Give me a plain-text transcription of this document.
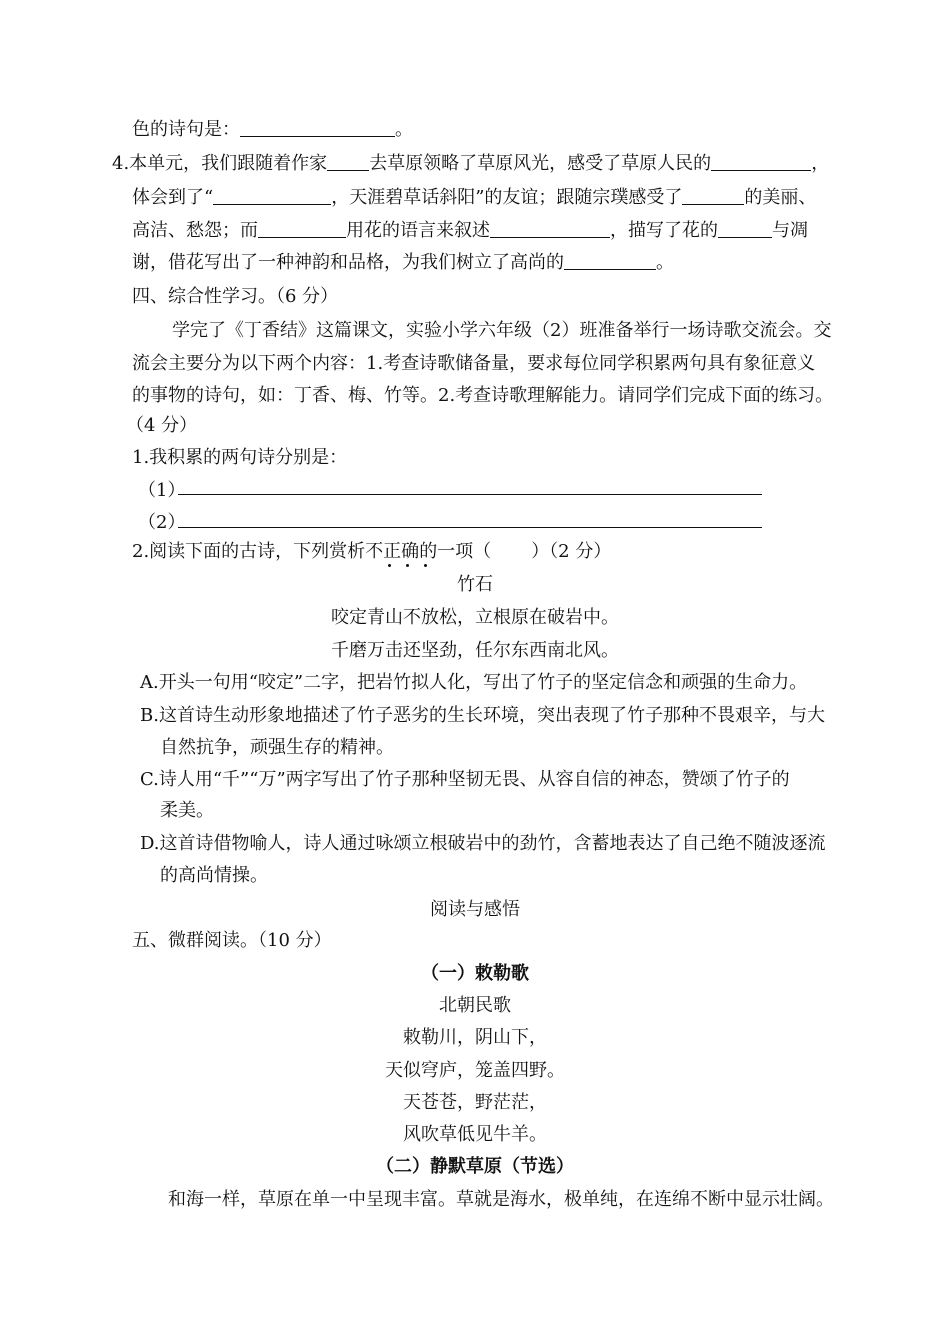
色的诗句是：	。
4.本单元，我们跟随着作家 去草原领略了草原风光，感受了草原人民的	，
体会到了“	，天涯碧草话斜阳”的友谊；跟随宗璞感受了	的美丽、
高洁、愁怨；而	用花的语言来叙述	，描写了花的	与凋
谢，借花写出了一种神韵和品格，为我们树立了高尚的	。
四、综合性学习。（6 分）
学完了《丁香结》这篇课文，实验小学六年级（2）班准备举行一场诗歌交流会。交
流会主要分为以下两个内容：1.考查诗歌储备量，要求每位同学积累两句具有象征意义
的事物的诗句，如：丁香、梅、竹等。2.考查诗歌理解能力。请同学们完成下面的练习。
（4 分）
1.我积累的两句诗分别是：
（1）
（2）
2.阅读下面的古诗，下列赏析不正确的一项（ ）（2 分）
竹石
咬定青山不放松，立根原在破岩中。
千磨万击还坚劲，任尔东西南北风。
A.开头一句用“咬定”二字，把岩竹拟人化，写出了竹子的坚定信念和顽强的生命力。
B.这首诗生动形象地描述了竹子恶劣的生长环境，突出表现了竹子那种不畏艰辛，与大
自然抗争，顽强生存的精神。
C.诗人用“千”“万”两字写出了竹子那种坚韧无畏、从容自信的神态，赞颂了竹子的
柔美。
D.这首诗借物喻人，诗人通过咏颂立根破岩中的劲竹，含蓄地表达了自己绝不随波逐流
的高尚情操。
阅读与感悟
五、微群阅读。（10 分）
（一）敕勒歌
北朝民歌
敕勒川，阴山下，
天似穹庐，笼盖四野。
天苍苍，野茫茫，
风吹草低见牛羊。
（二）静默草原（节选）
和海一样，草原在单一中呈现丰富。草就是海水，极单纯，在连绵不断中显示壮阔。
